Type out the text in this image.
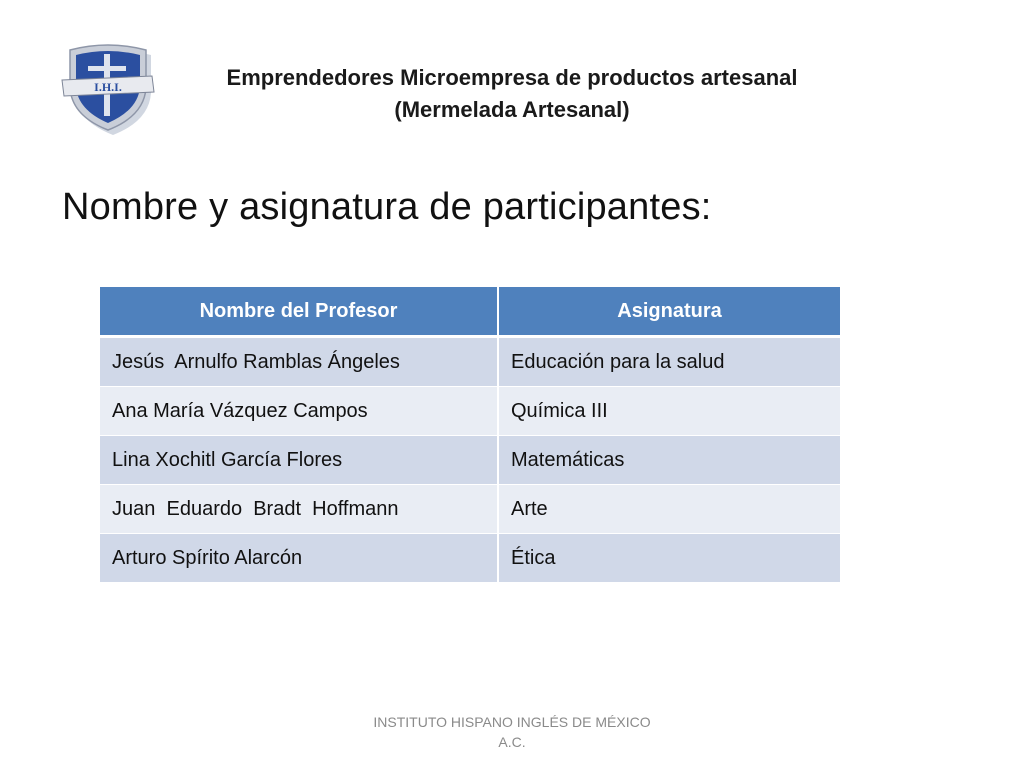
I.H.I.	Emprendedores Microempresa de productos artesanal
(Mermelada Artesanal)
Nombre y asignatura de participantes:
Nombre del Profesor	Asignatura
Jesús  Arnulfo Ramblas Ángeles	Educación para la salud
Ana María Vázquez Campos	Química III
Lina Xochitl García Flores	Matemáticas
Juan  Eduardo  Bradt  Hoffmann	Arte
Arturo Spírito Alarcón	Ética
INSTITUTO HISPANO INGLÉS DE MÉXICO
A.C.
